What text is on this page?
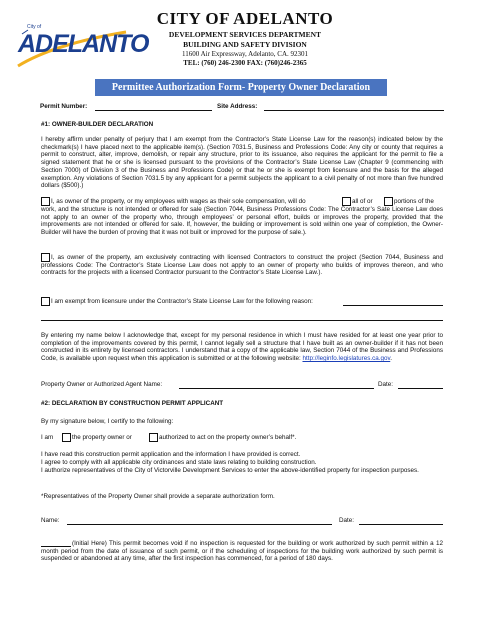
City of
ADELANTO
CITY OF ADELANTO
DEVELOPMENT SERVICES DEPARTMENT
BUILDING AND SAFETY DIVISION
11600 Air Expressway, Adelanto, CA. 92301
TEL: (760) 246-2300 FAX: (760)246-2365
Permittee Authorization Form- Property Owner Declaration
Permit Number:	Site Address:
#1: OWNER-BUILDER DECLARATION
I hereby affirm under penalty of perjury that I am exempt from the Contractor’s State License Law for the reason(s) indicated below by the checkmark(s) I have placed next to the applicable item(s). (Section 7031.5, Business and Professions Code: Any city or county that requires a permit to construct, alter, improve, demolish, or repair any structure, prior to its issuance, also requires the applicant for the permit to file a signed statement that he or she is licensed pursuant to the provisions of the Contractor’s State License Law (Chapter 9 (commencing with Section 7000) of Division 3 of the Business and Professions Code) or that he or she is exempt from licensure and the basis for the alleged exemption. Any violations of Section 7031.5 by any applicant for a permit subjects the applicant to a civil penalty of not more than five hundred dollars ($500).)
I, as owner of the property, or my employees with wages as their sole compensation, will do	all of or	portions of the
work, and the structure is not intended or offered for sale (Section 7044, Business Professions Code: The Contractor’s Sate License Law does not apply to an owner of the property who, through employees’ or personal effort, builds or improves the property, provided that the improvements are not intended or offered for sale. If, however, the building or improvement is sold within one year of completion, the Owner-Builder will have the burden of proving that it was not built or improved for the purpose of sale.).
I, as owner of the property, am exclusively contracting with licensed Contractors to construct the project (Section 7044, Business and professions Code: The Contractor’s State License Law does not apply to an owner of property who builds of improves thereon, and who contracts for the projects with a licensed Contractor pursuant to the Contractor’s State License Law.).
I am exempt from licensure under the Contractor’s State License Law for the following reason:
By entering my name below I acknowledge that, except for my personal residence in which I must have resided for at least one year prior to completion of the improvements covered by this permit, I cannot legally sell a structure that I have built as an owner-builder if it has not been constructed in its entirety by licensed contractors. I understand that a copy of the applicable law, Section 7044 of the Business and Professions Code, is available upon request when this application is submitted or at the following website: http://leginfo.legislatures.ca.gov.
Property Owner or Authorized Agent Name:	Date:
#2: DECLARATION BY CONSTRUCTION PERMIT APPLICANT
By my signature below, I certify to the following:
I am	the property owner or	authorized to act on the property owner’s behalf*.
I have read this construction permit application and the information I have provided is correct.
I agree to comply with all applicable city ordinances and state laws relating to building construction.
I authorize representatives of the City of Victorville Development Services to enter the above-identified property for inspection purposes.
*Representatives of the Property Owner shall provide a separate authorization form.
Name:	Date:
(Initial Here) This permit becomes void if no inspection is requested for the building or work authorized by such permit within a 12 month period from the date of issuance of such permit, or if the scheduling of inspections for the building work authorized by such permit is suspended or abandoned at any time, after the first inspection has commenced, for a period of 180 days.
